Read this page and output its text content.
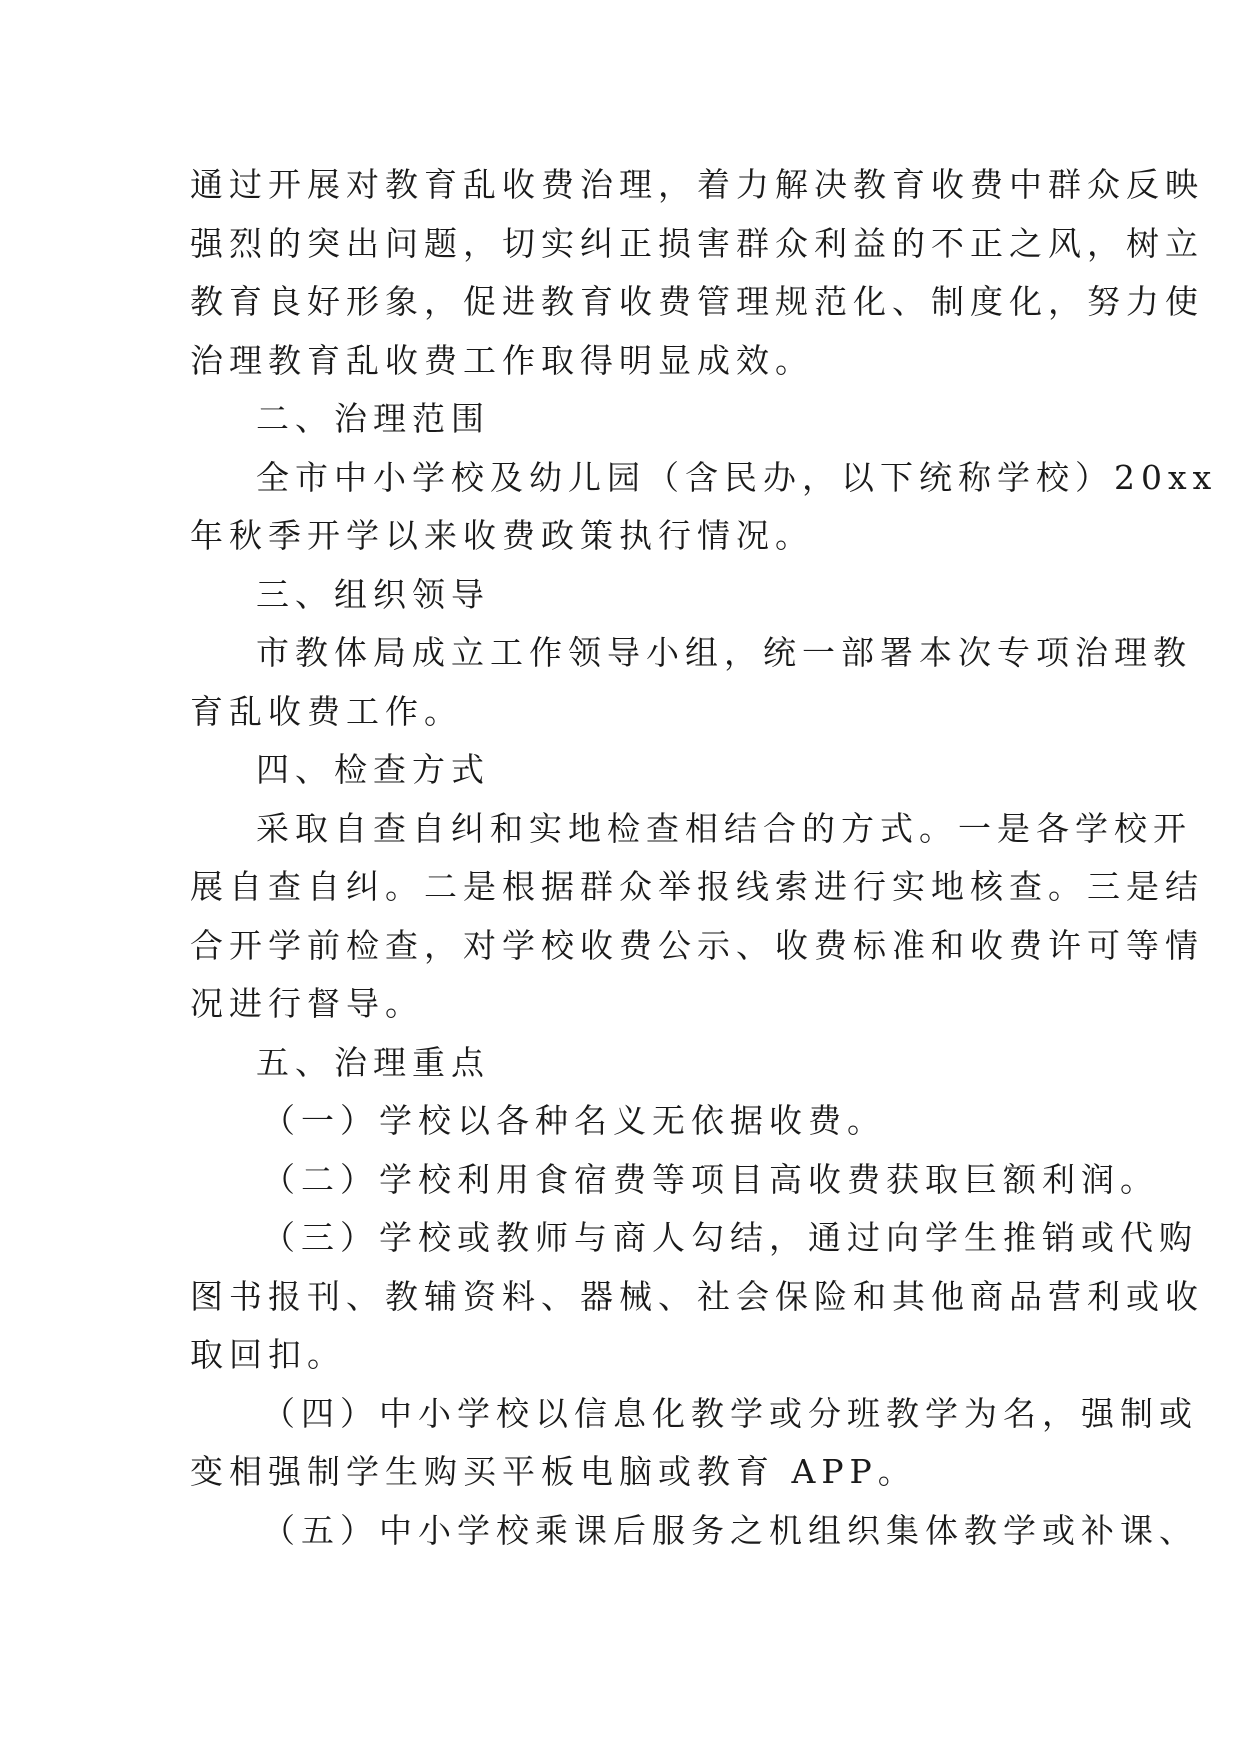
通过开展对教育乱收费治理，着力解决教育收费中群众反映
强烈的突出问题，切实纠正损害群众利益的不正之风，树立
教育良好形象，促进教育收费管理规范化、制度化，努力使
治理教育乱收费工作取得明显成效。
二、治理范围
全市中小学校及幼儿园（含民办，以下统称学校）20xx
年秋季开学以来收费政策执行情况。
三、组织领导
市教体局成立工作领导小组，统一部署本次专项治理教
育乱收费工作。
四、检查方式
采取自查自纠和实地检查相结合的方式。一是各学校开
展自查自纠。二是根据群众举报线索进行实地核查。三是结
合开学前检查，对学校收费公示、收费标准和收费许可等情
况进行督导。
五、治理重点
（一）学校以各种名义无依据收费。
（二）学校利用食宿费等项目高收费获取巨额利润。
（三）学校或教师与商人勾结，通过向学生推销或代购
图书报刊、教辅资料、器械、社会保险和其他商品营利或收
取回扣。
（四）中小学校以信息化教学或分班教学为名，强制或
变相强制学生购买平板电脑或教育 APP。
（五）中小学校乘课后服务之机组织集体教学或补课、
